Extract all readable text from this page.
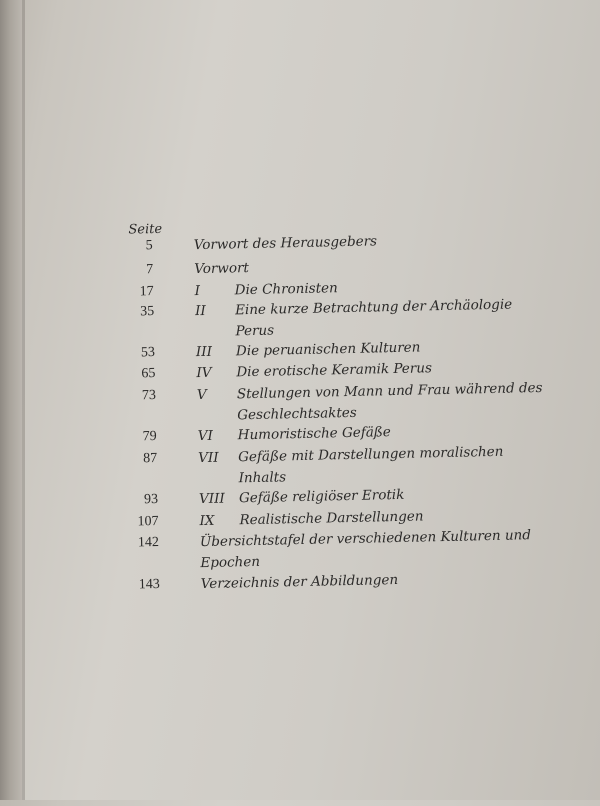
Seite
5	Vorwort des Herausgebers
7	Vorwort
17	I	Die Chronisten
35	II Eine kurze Betrachtung der Archäologie
Perus
53	III Die peruanischen Kulturen
65	IV Die erotische Keramik Perus
73	V Stellungen von Mann und Frau während des
Geschlechtsaktes
79	VI Humoristische Gefäße
87	VII Gefäße mit Darstellungen moralischen
Inhalts
93	VIII Gefäße religiöser Erotik
107	IX Realistische Darstellungen
142	Übersichtstafel der verschiedenen Kulturen und
Epochen
143	Verzeichnis der Abbildungen
